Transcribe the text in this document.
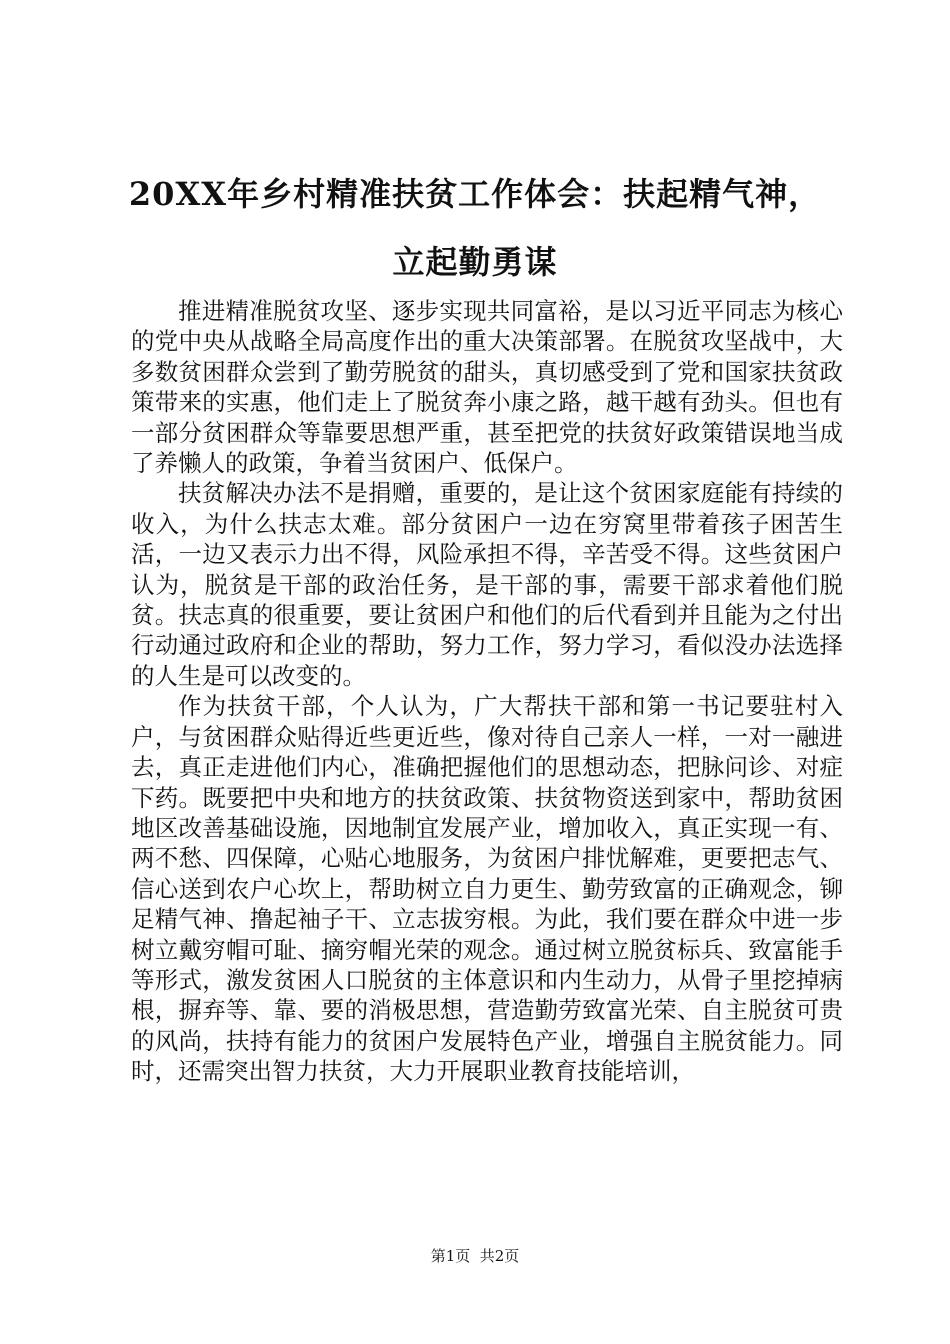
20XX年乡村精准扶贫工作体会：扶起精气神，
立起勤勇谋

推进精准脱贫攻坚、逐步实现共同富裕，是以习近平同志为核心的党中央从战略全局高度作出的重大决策部署。在脱贫攻坚战中，大多数贫困群众尝到了勤劳脱贫的甜头，真切感受到了党和国家扶贫政策带来的实惠，他们走上了脱贫奔小康之路，越干越有劲头。但也有一部分贫困群众等靠要思想严重，甚至把党的扶贫好政策错误地当成了养懒人的政策，争着当贫困户、低保户。

扶贫解决办法不是捐赠，重要的，是让这个贫困家庭能有持续的收入，为什么扶志太难。部分贫困户一边在穷窝里带着孩子困苦生活，一边又表示力出不得，风险承担不得，辛苦受不得。这些贫困户认为，脱贫是干部的政治任务，是干部的事，需要干部求着他们脱贫。扶志真的很重要，要让贫困户和他们的后代看到并且能为之付出行动通过政府和企业的帮助，努力工作，努力学习，看似没办法选择的人生是可以改变的。

作为扶贫干部，个人认为，广大帮扶干部和第一书记要驻村入户，与贫困群众贴得近些更近些，像对待自己亲人一样，一对一融进去，真正走进他们内心，准确把握他们的思想动态，把脉问诊、对症下药。既要把中央和地方的扶贫政策、扶贫物资送到家中，帮助贫困地区改善基础设施，因地制宜发展产业，增加收入，真正实现一有、两不愁、四保障，心贴心地服务，为贫困户排忧解难，更要把志气、信心送到农户心坎上，帮助树立自力更生、勤劳致富的正确观念，铆足精气神、撸起袖子干、立志拔穷根。为此，我们要在群众中进一步树立戴穷帽可耻、摘穷帽光荣的观念。通过树立脱贫标兵、致富能手等形式，激发贫困人口脱贫的主体意识和内生动力，从骨子里挖掉病根，摒弃等、靠、要的消极思想，营造勤劳致富光荣、自主脱贫可贵的风尚，扶持有能力的贫困户发展特色产业，增强自主脱贫能力。同时，还需突出智力扶贫，大力开展职业教育技能培训，

第1页  共2页
